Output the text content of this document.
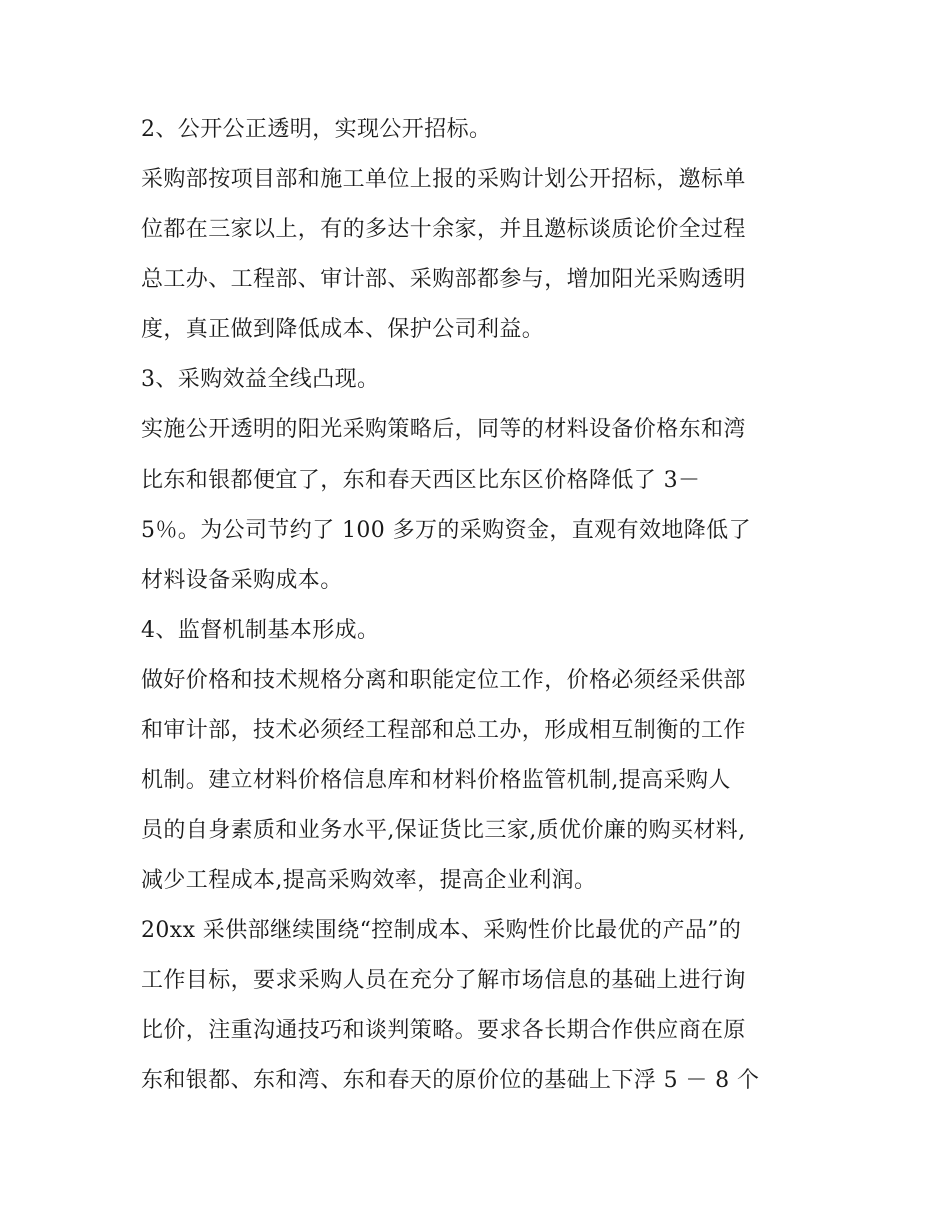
2、公开公正透明，实现公开招标。
采购部按项目部和施工单位上报的采购计划公开招标，邀标单
位都在三家以上，有的多达十余家，并且邀标谈质论价全过程
总工办、工程部、审计部、采购部都参与，增加阳光采购透明
度，真正做到降低成本、保护公司利益。
3、采购效益全线凸现。
实施公开透明的阳光采购策略后，同等的材料设备价格东和湾
比东和银都便宜了，东和春天西区比东区价格降低了 3－
5％。为公司节约了 100 多万的采购资金，直观有效地降低了
材料设备采购成本。
4、监督机制基本形成。
做好价格和技术规格分离和职能定位工作，价格必须经采供部
和审计部，技术必须经工程部和总工办，形成相互制衡的工作
机制。建立材料价格信息库和材料价格监管机制,提高采购人
员的自身素质和业务水平,保证货比三家,质优价廉的购买材料,
减少工程成本,提高采购效率，提高企业利润。
20xx 采供部继续围绕“控制成本、采购性价比最优的产品”的
工作目标，要求采购人员在充分了解市场信息的基础上进行询
比价，注重沟通技巧和谈判策略。要求各长期合作供应商在原
东和银都、东和湾、东和春天的原价位的基础上下浮 5 － 8 个
